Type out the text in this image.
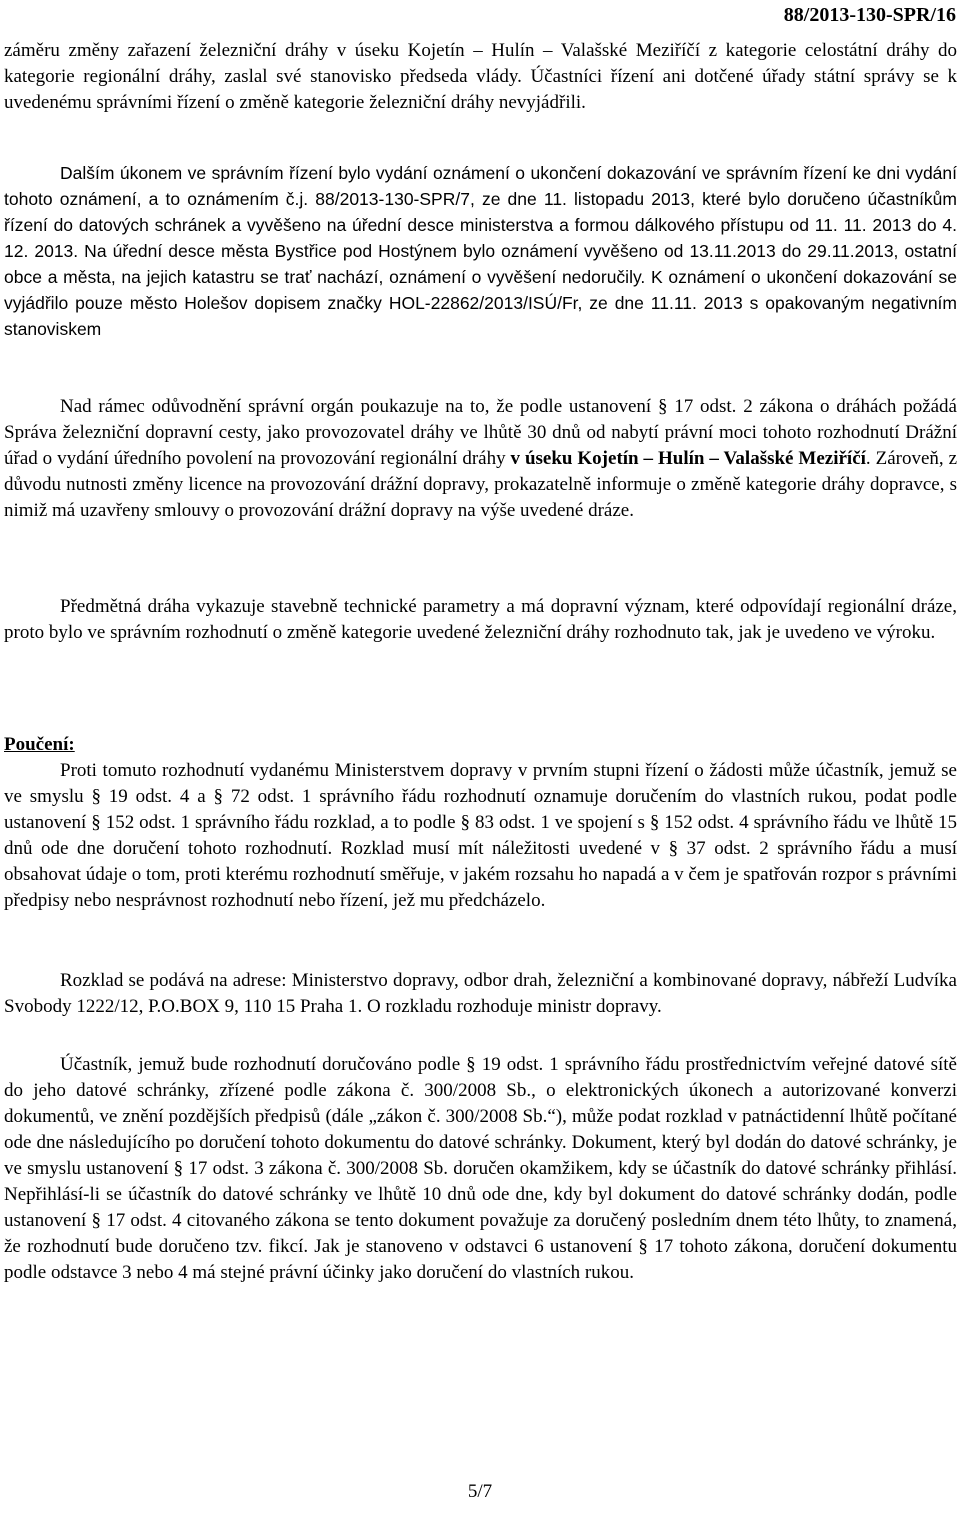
88/2013-130-SPR/16
záměru změny zařazení železniční dráhy v úseku Kojetín – Hulín – Valašské Meziříčí z kategorie celostátní dráhy do kategorie regionální dráhy, zaslal své stanovisko předseda vlády. Účastníci řízení ani dotčené úřady státní správy se k uvedenému správními řízení o změně kategorie železniční dráhy nevyjádřili.
Dalším úkonem ve správním řízení bylo vydání oznámení o ukončení dokazování ve správním řízení ke dni vydání tohoto oznámení, a to oznámením č.j. 88/2013-130-SPR/7, ze dne 11. listopadu 2013, které bylo doručeno účastníkům řízení do datových schránek a vyvěšeno na úřední desce ministerstva a formou dálkového přístupu od 11. 11. 2013 do 4. 12. 2013. Na úřední desce města Bystřice pod Hostýnem bylo oznámení vyvěšeno od 13.11.2013 do 29.11.2013, ostatní obce a města, na jejich katastru se trať nachází, oznámení o vyvěšení nedoručily. K oznámení o ukončení dokazování se vyjádřilo pouze město Holešov dopisem značky HOL-22862/2013/ISÚ/Fr, ze dne 11.11. 2013 s opakovaným negativním stanoviskem
Nad rámec odůvodnění správní orgán poukazuje na to, že podle ustanovení § 17 odst. 2 zákona o dráhách požádá Správa železniční dopravní cesty, jako provozovatel dráhy ve lhůtě 30 dnů od nabytí právní moci tohoto rozhodnutí Drážní úřad o vydání úředního povolení na provozování regionální dráhy v úseku Kojetín – Hulín – Valašské Meziříčí. Zároveň, z důvodu nutnosti změny licence na provozování drážní dopravy, prokazatelně informuje o změně kategorie dráhy dopravce, s nimiž má uzavřeny smlouvy o provozování drážní dopravy na výše uvedené dráze.
Předmětná dráha vykazuje stavebně technické parametry a má dopravní význam, které odpovídají regionální dráze, proto bylo ve správním rozhodnutí o změně kategorie uvedené železniční dráhy rozhodnuto tak, jak je uvedeno ve výroku.
Poučení:
Proti tomuto rozhodnutí vydanému Ministerstvem dopravy v prvním stupni řízení o žádosti může účastník, jemuž se ve smyslu § 19 odst. 4 a § 72 odst. 1 správního řádu rozhodnutí oznamuje doručením do vlastních rukou, podat podle ustanovení § 152 odst. 1 správního řádu rozklad, a to podle § 83 odst. 1 ve spojení s § 152 odst. 4 správního řádu ve lhůtě 15 dnů ode dne doručení tohoto rozhodnutí. Rozklad musí mít náležitosti uvedené v § 37 odst. 2 správního řádu a musí obsahovat údaje o tom, proti kterému rozhodnutí směřuje, v jakém rozsahu ho napadá a v čem je spatřován rozpor s právními předpisy nebo nesprávnost rozhodnutí nebo řízení, jež mu předcházelo.
Rozklad se podává na adrese: Ministerstvo dopravy, odbor drah, železniční a kombinované dopravy, nábřeží Ludvíka Svobody 1222/12, P.O.BOX 9, 110 15 Praha 1. O rozkladu rozhoduje ministr dopravy.
Účastník, jemuž bude rozhodnutí doručováno podle § 19 odst. 1 správního řádu prostřednictvím veřejné datové sítě do jeho datové schránky, zřízené podle zákona č. 300/2008 Sb., o elektronických úkonech a autorizované konverzi dokumentů, ve znění pozdějších předpisů (dále „zákon č. 300/2008 Sb.“), může podat rozklad v patnáctidenní lhůtě počítané ode dne následujícího po doručení tohoto dokumentu do datové schránky. Dokument, který byl dodán do datové schránky, je ve smyslu ustanovení § 17 odst. 3 zákona č. 300/2008 Sb. doručen okamžikem, kdy se účastník do datové schránky přihlásí. Nepřihlásí-li se účastník do datové schránky ve lhůtě 10 dnů ode dne, kdy byl dokument do datové schránky dodán, podle ustanovení § 17 odst. 4 citovaného zákona se tento dokument považuje za doručený posledním dnem této lhůty, to znamená, že rozhodnutí bude doručeno tzv. fikcí. Jak je stanoveno v odstavci 6 ustanovení § 17 tohoto zákona, doručení dokumentu podle odstavce 3 nebo 4 má stejné právní účinky jako doručení do vlastních rukou.
5/7
